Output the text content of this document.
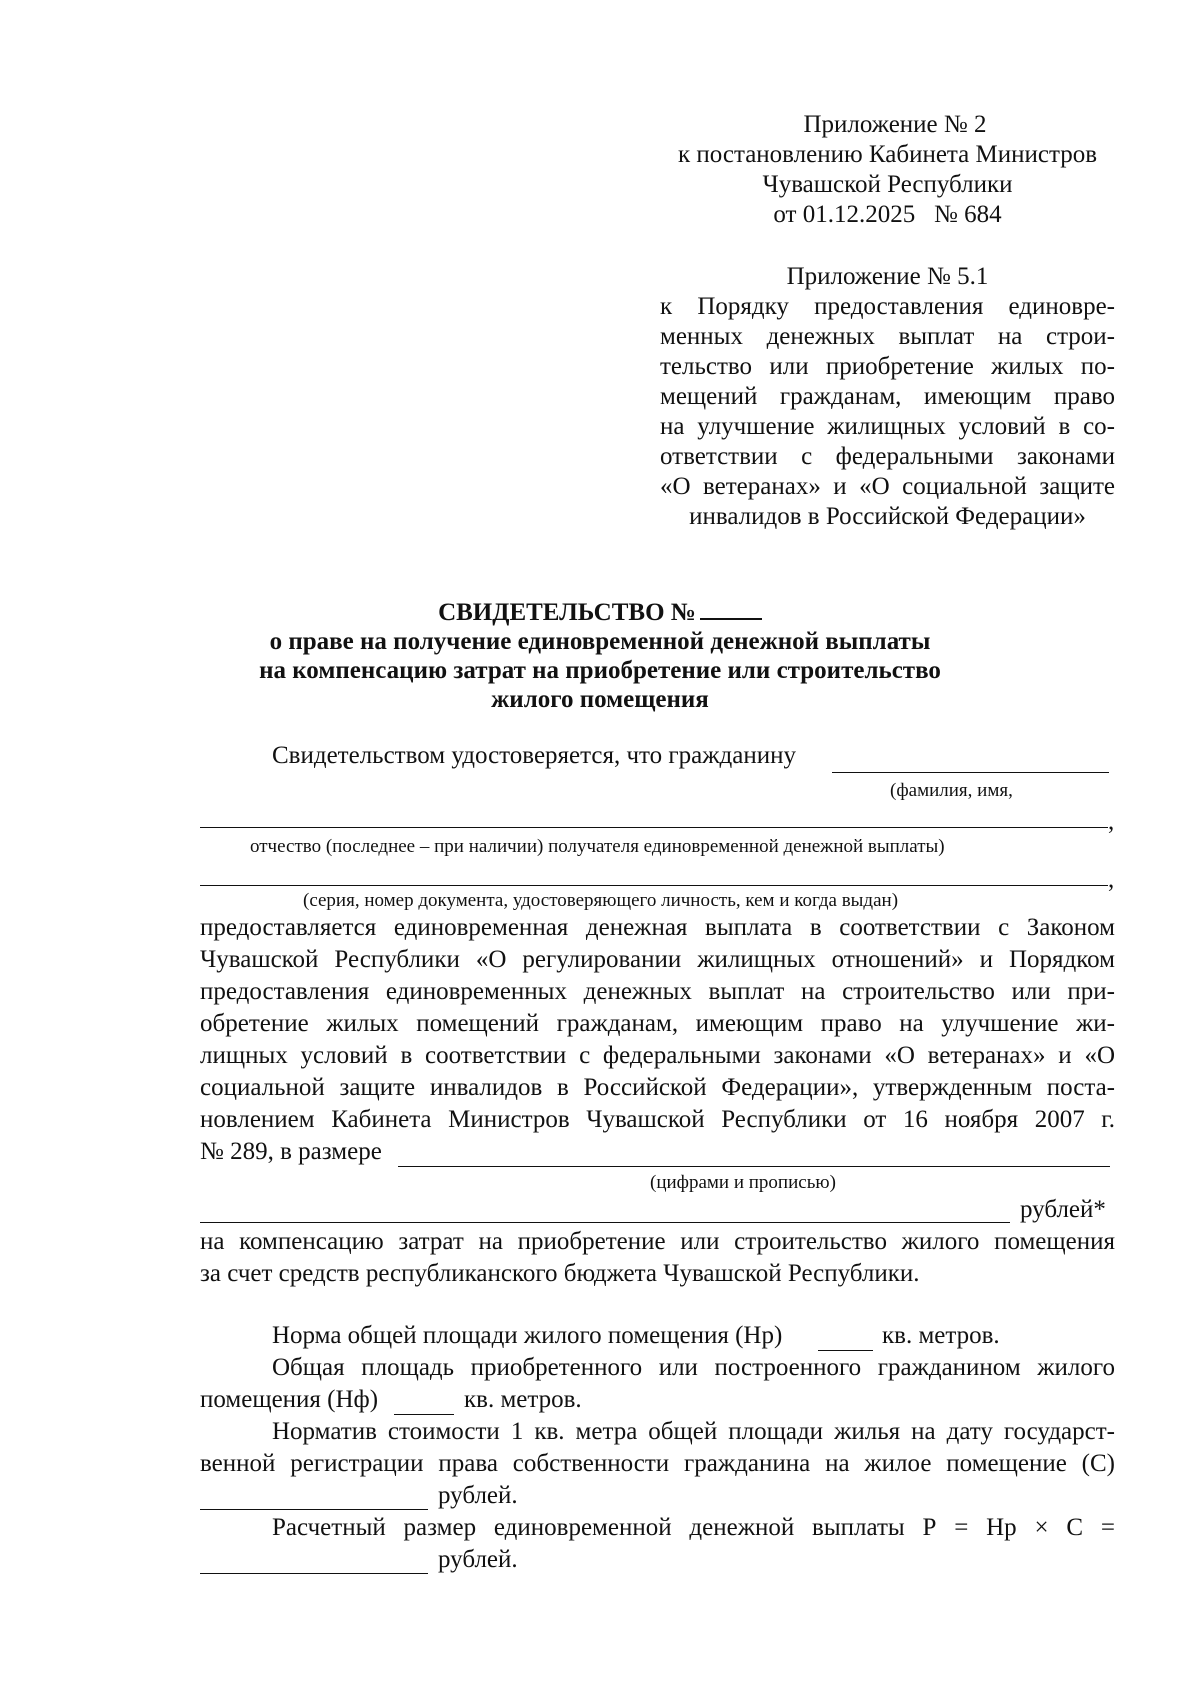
Приложение № 2
к постановлению Кабинета Министров
Чувашской Республики
от 01.12.2025   № 684
Приложение № 5.1
к Порядку предоставления единовре-
менных денежных выплат на строи-
тельство или приобретение жилых по-
мещений гражданам, имеющим право
на улучшение жилищных условий в со-
ответствии с федеральными законами
«О ветеранах» и «О социальной защите
инвалидов в Российской Федерации»
СВИДЕТЕЛЬСТВО №
о праве на получение единовременной денежной выплаты
на компенсацию затрат на приобретение или строительство
жилого помещения
Свидетельством удостоверяется, что гражданину
(фамилия, имя,
,
отчество (последнее – при наличии) получателя единовременной денежной выплаты)
,
(серия, номер документа, удостоверяющего личность, кем и когда выдан)
предоставляется единовременная денежная выплата в соответствии с Законом
Чувашской Республики «О регулировании жилищных отношений» и Порядком
предоставления единовременных денежных выплат на строительство или при-
обретение жилых помещений гражданам, имеющим право на улучшение жи-
лищных условий в соответствии с федеральными законами «О ветеранах» и «О
социальной защите инвалидов в Российской Федерации», утвержденным поста-
новлением Кабинета Министров Чувашской Республики от 16 ноября 2007 г.
№ 289, в размере
(цифрами и прописью)
рублей*
на компенсацию затрат на приобретение или строительство жилого помещения
за счет средств республиканского бюджета Чувашской Республики.
Норма общей площади жилого помещения (Нр)	кв. метров.
Общая площадь приобретенного или построенного гражданином жилого
помещения (Нф)	кв. метров.
Норматив стоимости 1 кв. метра общей площади жилья на дату государст-
венной регистрации права собственности гражданина на жилое помещение (С)
рублей.
Расчетный размер единовременной денежной выплаты Р = Нр × С =
рублей.
